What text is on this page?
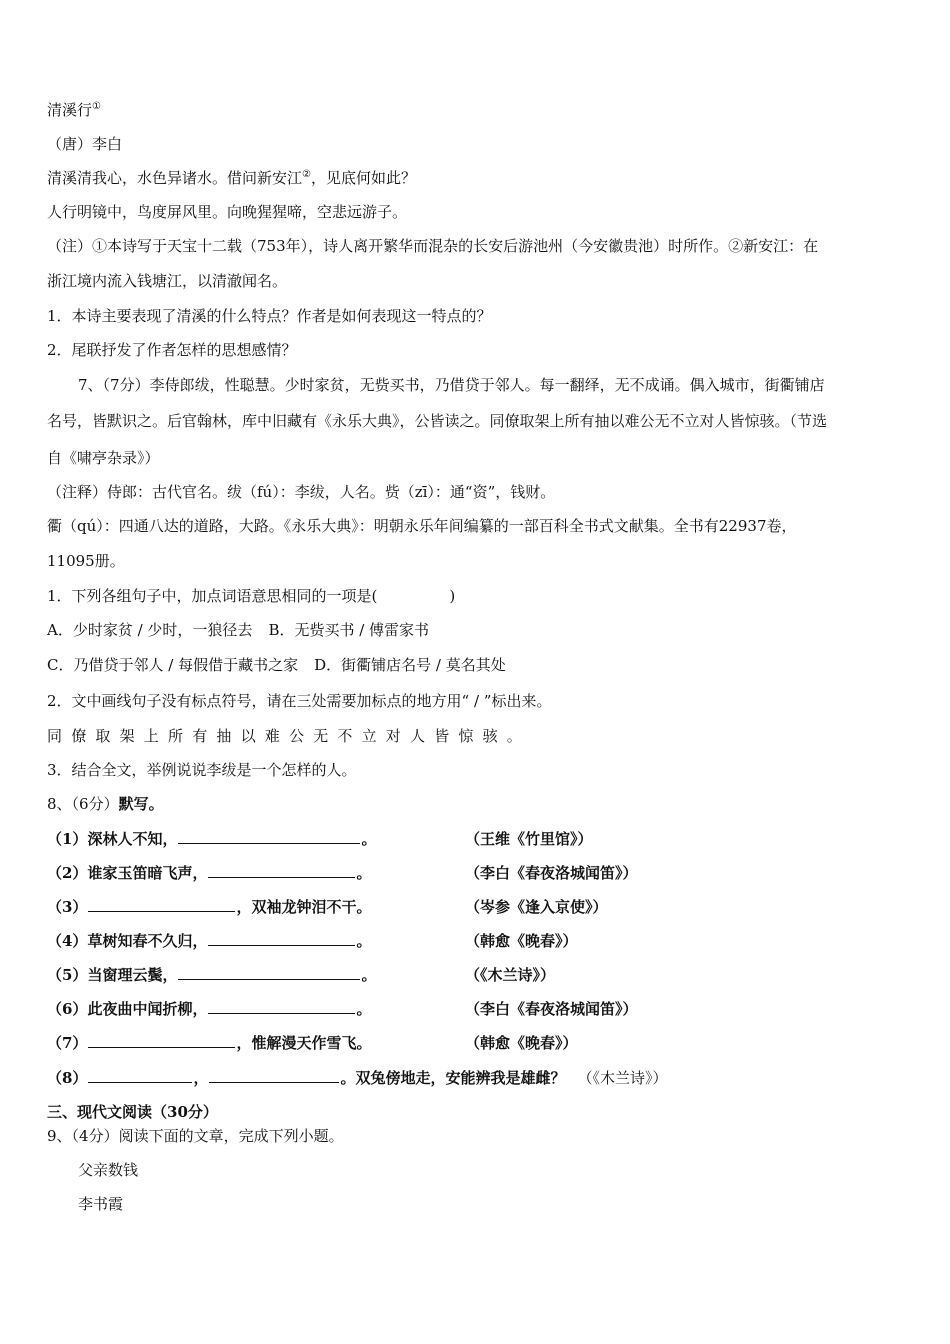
清溪行①
（唐）李白
清溪清我心，水色异诸水。借问新安江②，见底何如此？
人行明镜中，鸟度屏风里。向晚猩猩啼，空悲远游子。
（注）①本诗写于天宝十二载（753年），诗人离开繁华而混杂的长安后游池州（今安徽贵池）时所作。②新安江：在
浙江境内流入钱塘江，以清澈闻名。
1．本诗主要表现了清溪的什么特点？作者是如何表现这一特点的？
2．尾联抒发了作者怎样的思想感情？
7、（7分）李侍郎绂，性聪慧。少时家贫，无赀买书，乃借贷于邻人。每一翻绎，无不成诵。偶入城市，街衢铺店
名号，皆默识之。后官翰林，库中旧藏有《永乐大典》，公皆读之。同僚取架上所有抽以难公无不立对人皆惊骇。（节选
自《啸亭杂录》）
（注释）侍郎：古代官名。绂（fú）：李绂，人名。赀（zī）：通“资”，钱财。
衢（qú）：四通八达的道路，大路。《永乐大典》：明朝永乐年间编纂的一部百科全书式文献集。全书有22937卷，
11095册。
1．下列各组句子中，加点词语意思相同的一项是(	)
A．少时家贫 / 少时，一狼径去 B．无赀买书 / 傅雷家书
C．乃借贷于邻人 / 每假借于藏书之家 D．街衢铺店名号 / 莫名其处
2．文中画线句子没有标点符号，请在三处需要加标点的地方用“ / ”标出来。
同僚取架上所有抽以难公无不立对人皆惊骇。
3．结合全文，举例说说李绂是一个怎样的人。
8、（6分）默写。
（1）深林人不知，	。	（王维《竹里馆》）
（2）谁家玉笛暗飞声，	。	（李白《春夜洛城闻笛》）
（3）	，双袖龙钟泪不干。	（岑参《逢入京使》）
（4）草树知春不久归，	。	（韩愈《晚春》）
（5）当窗理云鬓，	。	（《木兰诗》）
（6）此夜曲中闻折柳，	。	（李白《春夜洛城闻笛》）
（7）	，惟解漫天作雪飞。	（韩愈《晚春》）
（8）	，	。双兔傍地走，安能辨我是雄雌？ （《木兰诗》）
三、现代文阅读（30分）
9、（4分）阅读下面的文章，完成下列小题。
父亲数钱
李书霞
